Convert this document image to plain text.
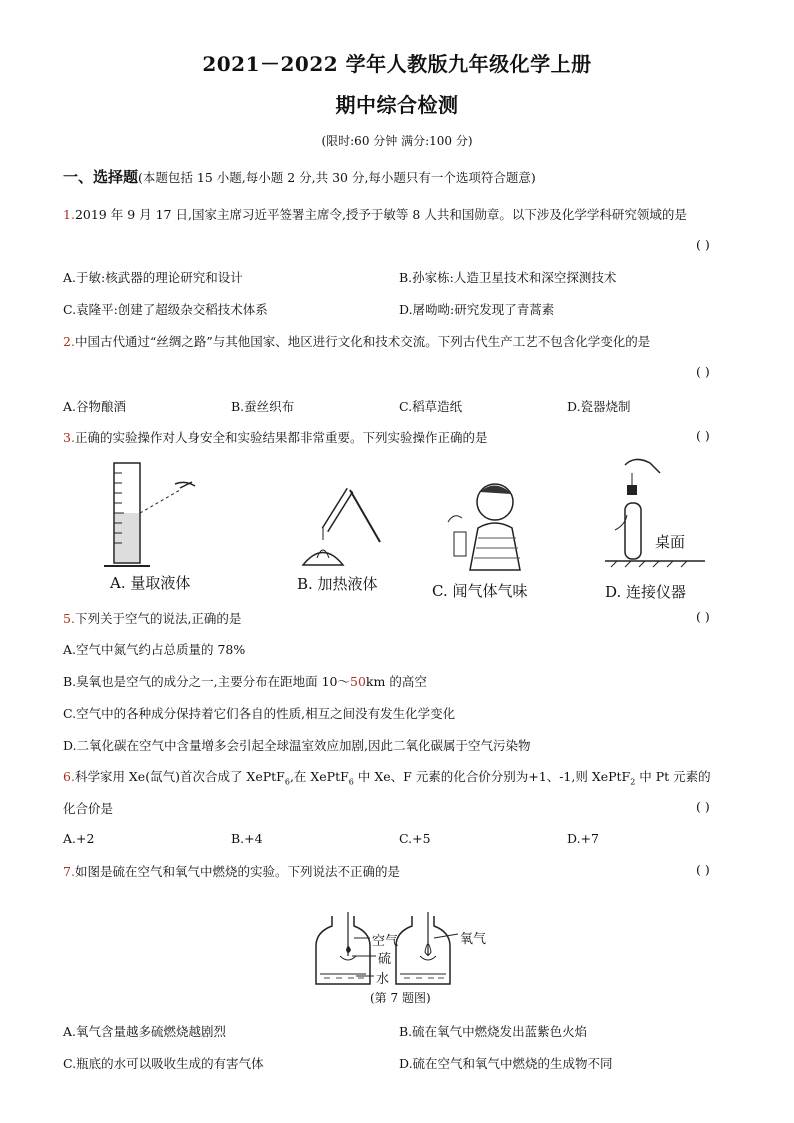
2021－2022 学年人教版九年级化学上册
期中综合检测
(限时:60 分钟 满分:100 分)
一、选择题(本题包括 15 小题,每小题 2 分,共 30 分,每小题只有一个选项符合题意)
1.2019 年 9 月 17 日,国家主席习近平签署主席令,授予于敏等 8 人共和国勋章。以下涉及化学学科研究领域的是
( )
A.于敏:核武器的理论研究和设计	B.孙家栋:人造卫星技术和深空探测技术
C.袁隆平:创建了超级杂交稻技术体系	D.屠呦呦:研究发现了青蒿素
2.中国古代通过“丝绸之路”与其他国家、地区进行文化和技术交流。下列古代生产工艺不包含化学变化的是
( )
A.谷物酿酒	B.蚕丝织布	C.稻草造纸	D.瓷器烧制
3.正确的实验操作对人身安全和实验结果都非常重要。下列实验操作正确的是	( )
A. 量取液体	B. 加热液体	C. 闻气体气味
桌面
D. 连接仪器
5.下列关于空气的说法,正确的是	( )
A.空气中氮气约占总质量的 78%
B.臭氧也是空气的成分之一,主要分布在距地面 10～50km 的高空
C.空气中的各种成分保持着它们各自的性质,相互之间没有发生化学变化
D.二氧化碳在空气中含量增多会引起全球温室效应加剧,因此二氧化碳属于空气污染物
6.科学家用 Xe(氙气)首次合成了 XePtF$_6$,在 XePtF$_6$ 中 Xe、F 元素的化合价分别为+1、-1,则 XePtF$_2$ 中 Pt 元素的
化合价是	( )
A.+2	B.+4	C.+5	D.+7
7.如图是硫在空气和氧气中燃烧的实验。下列说法不正确的是	( )
空气
硫
水
氧气
(第 7 题图)
A.氧气含量越多硫燃烧越剧烈	B.硫在氧气中燃烧发出蓝紫色火焰
C.瓶底的水可以吸收生成的有害气体	D.硫在空气和氧气中燃烧的生成物不同
